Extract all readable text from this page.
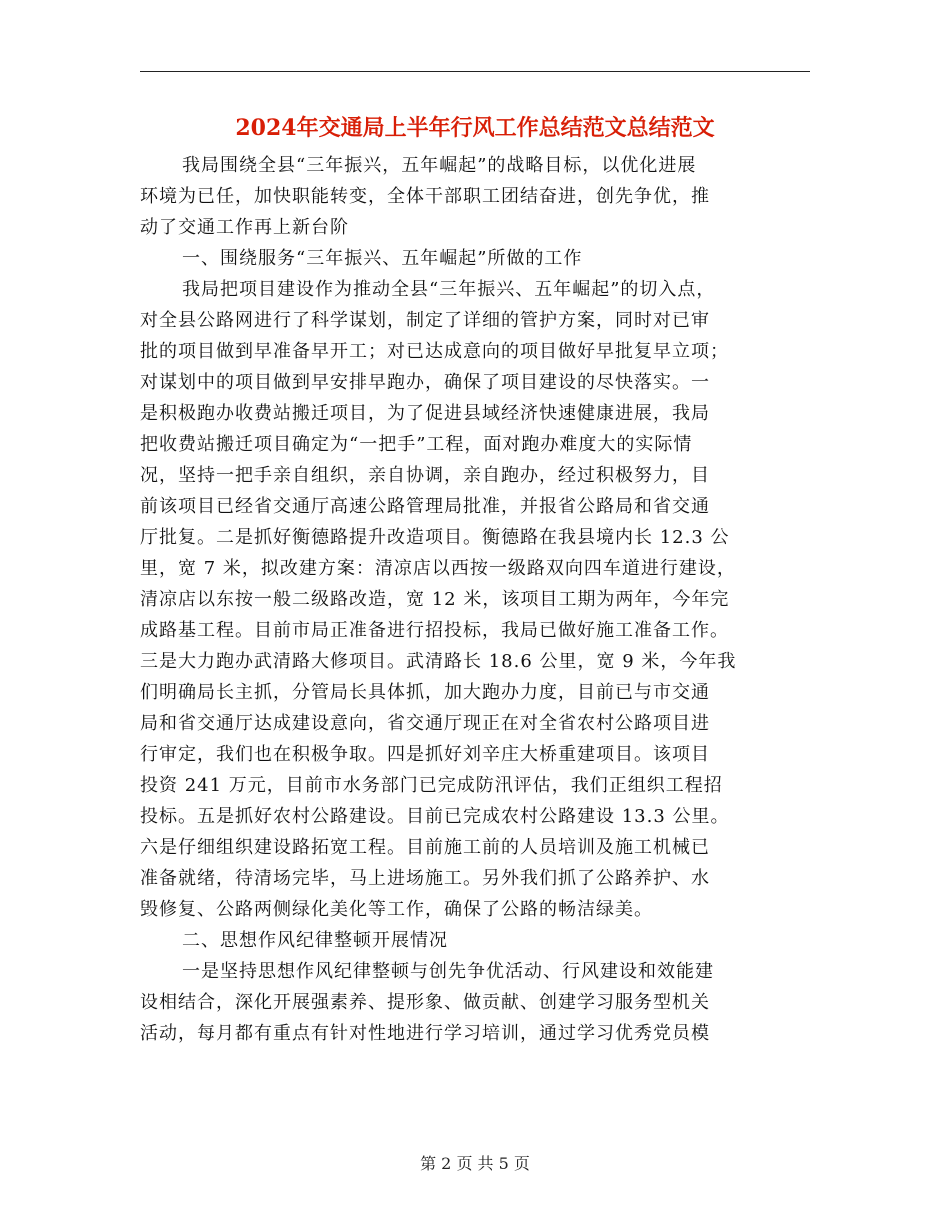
2024年交通局上半年行风工作总结范文总结范文
我局围绕全县“三年振兴，五年崛起”的战略目标，以优化进展
环境为已任，加快职能转变，全体干部职工团结奋进，创先争优，推
动了交通工作再上新台阶
一、围绕服务“三年振兴、五年崛起”所做的工作
我局把项目建设作为推动全县“三年振兴、五年崛起”的切入点，
对全县公路网进行了科学谋划，制定了详细的管护方案，同时对已审
批的项目做到早准备早开工；对已达成意向的项目做好早批复早立项；
对谋划中的项目做到早安排早跑办，确保了项目建设的尽快落实。一
是积极跑办收费站搬迁项目，为了促进县域经济快速健康进展，我局
把收费站搬迁项目确定为“一把手”工程，面对跑办难度大的实际情
况，坚持一把手亲自组织，亲自协调，亲自跑办，经过积极努力，目
前该项目已经省交通厅高速公路管理局批准，并报省公路局和省交通
厅批复。二是抓好衡德路提升改造项目。衡德路在我县境内长 12.3 公
里，宽 7 米，拟改建方案：清凉店以西按一级路双向四车道进行建设，
清凉店以东按一般二级路改造，宽 12 米，该项目工期为两年，今年完
成路基工程。目前市局正准备进行招投标，我局已做好施工准备工作。
三是大力跑办武清路大修项目。武清路长 18.6 公里，宽 9 米，今年我
们明确局长主抓，分管局长具体抓，加大跑办力度，目前已与市交通
局和省交通厅达成建设意向，省交通厅现正在对全省农村公路项目进
行审定，我们也在积极争取。四是抓好刘辛庄大桥重建项目。该项目
投资 241 万元，目前市水务部门已完成防汛评估，我们正组织工程招
投标。五是抓好农村公路建设。目前已完成农村公路建设 13.3 公里。
六是仔细组织建设路拓宽工程。目前施工前的人员培训及施工机械已
准备就绪，待清场完毕，马上进场施工。另外我们抓了公路养护、水
毁修复、公路两侧绿化美化等工作，确保了公路的畅洁绿美。
二、思想作风纪律整顿开展情况
一是坚持思想作风纪律整顿与创先争优活动、行风建设和效能建
设相结合，深化开展强素养、提形象、做贡献、创建学习服务型机关
活动，每月都有重点有针对性地进行学习培训，通过学习优秀党员模
第 2 页 共 5 页
